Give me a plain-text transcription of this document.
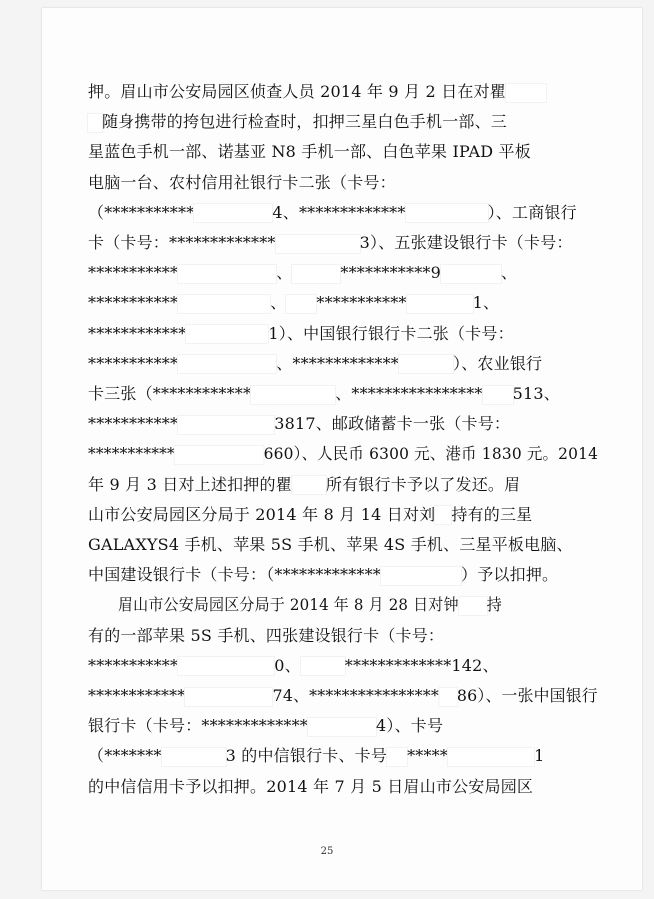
押。眉山市公安局园区侦查人员 2014 年 9 月 2 日在对瞿
随身携带的挎包进行检查时，扣押三星白色手机一部、三
星蓝色手机一部、诺基亚 N8 手机一部、白色苹果 IPAD 平板
电脑一台、农村信用社银行卡二张（卡号：
（***********	4、*************	）、工商银行
卡（卡号：*************	3）、五张建设银行卡（卡号：
***********	、	***********9	、
***********	、 ***********	1、
************	1）、中国银行银行卡二张（卡号：
***********	、*************	）、农业银行
卡三张（************	、**************** 513、
***********	3817、邮政储蓄卡一张（卡号：
***********	660）、人民币 6300 元、港币 1830 元。2014
年 9 月 3 日对上述扣押的瞿 所有银行卡予以了发还。眉
山市公安局园区分局于 2014 年 8 月 14 日对刘 持有的三星
GALAXYS4 手机、苹果 5S 手机、苹果 4S 手机、三星平板电脑、
中国建设银行卡（卡号：（*************	）予以扣押。
眉山市公安局园区分局于 2014 年 8 月 28 日对钟 持
有的一部苹果 5S 手机、四张建设银行卡（卡号：
***********	0、	*************142、
************	74、**************** 86）、一张中国银行
银行卡（卡号：*************	4）、卡号
（*******	3 的中信银行卡、卡号 *****	1
的中信信用卡予以扣押。2014 年 7 月 5 日眉山市公安局园区
25
